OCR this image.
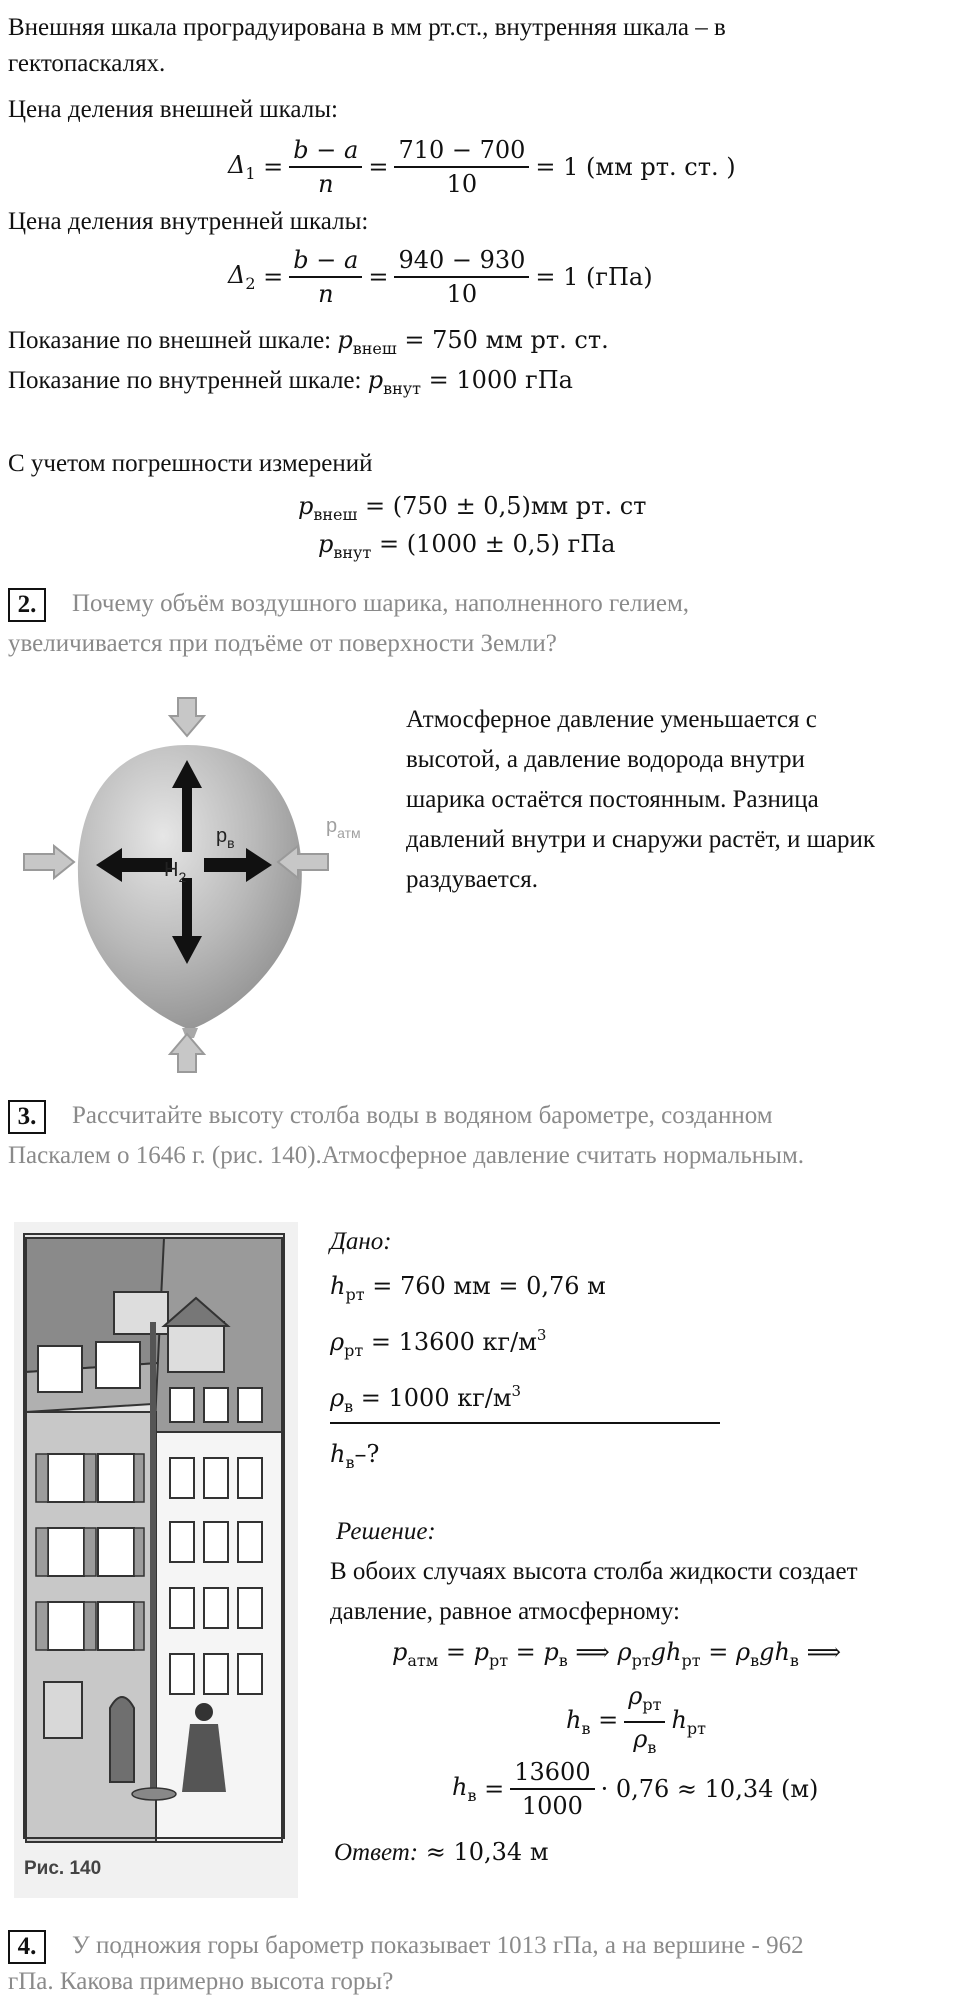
Внешняя шкала проградуирована в мм рт.ст., внутренняя шкала – в
гектопаскалях.
Цена деления внешней шкалы:
$\Delta 1 = \frac{b - a}{n} = \frac{710 - 700}{10} = 1$ (мм рт. ст. )
Цена деления внутренней шкалы:
$\Delta 2 = \frac{b - a}{n} = \frac{940 - 930}{10} = 1$ (гПа)
Показание по внешней шкале: $p_{внеш} = 750$ мм рт. ст.
Показание по внутренней шкале: $p_{внут} = 1000$ гПа
С учетом погрешности измерений
$p_{внеш} = (750 \pm 0,5)мм$ рт. ст
$p_{внут} = (1000 \pm 0,5)$ гПа
2. Почему объём воздушного шарика, наполненного гелием,
увеличивается при подъёме от поверхности Земли?
$H_2$
$p_в$
$p_{атм}$
Атмосферное давление уменьшается с
высотой, а давление водорода внутри
шарика остаётся постоянным. Разница
давлений внутри и снаружи растёт, и шарик
раздувается.
3. Рассчитайте высоту столба воды в водяном барометре, созданном
Паскалем о 1646 г. (рис. 140).Атмосферное давление считать нормальным.
Рис. 140
Дано:
$h_{рт} = 760$ мм = 0,76 м
$\rho_{рт} = 13600$ $кг/м^3$
$\rho_в = 1000$ $кг/м^3$
$h_в-$?
Решение:
В обоих случаях высота столба жидкости создает
давление, равное атмосферному:
$p_{атм} = p_{рт} = p_в$ ⟹ $\rho_{рт}gh_{рт} = \rho_вgh_в$ ⟹
hв = $\frac{\text{ρрт}}{\rho в}$ hрт
hв = $\frac{13600}{1000} \cdot 0,76 \approx 10,34$ (м)
Ответ: ≈ 10,34 м
4. У подножия горы барометр показывает 1013 гПа, а на вершине - 962
гПа. Какова примерно высота горы?
